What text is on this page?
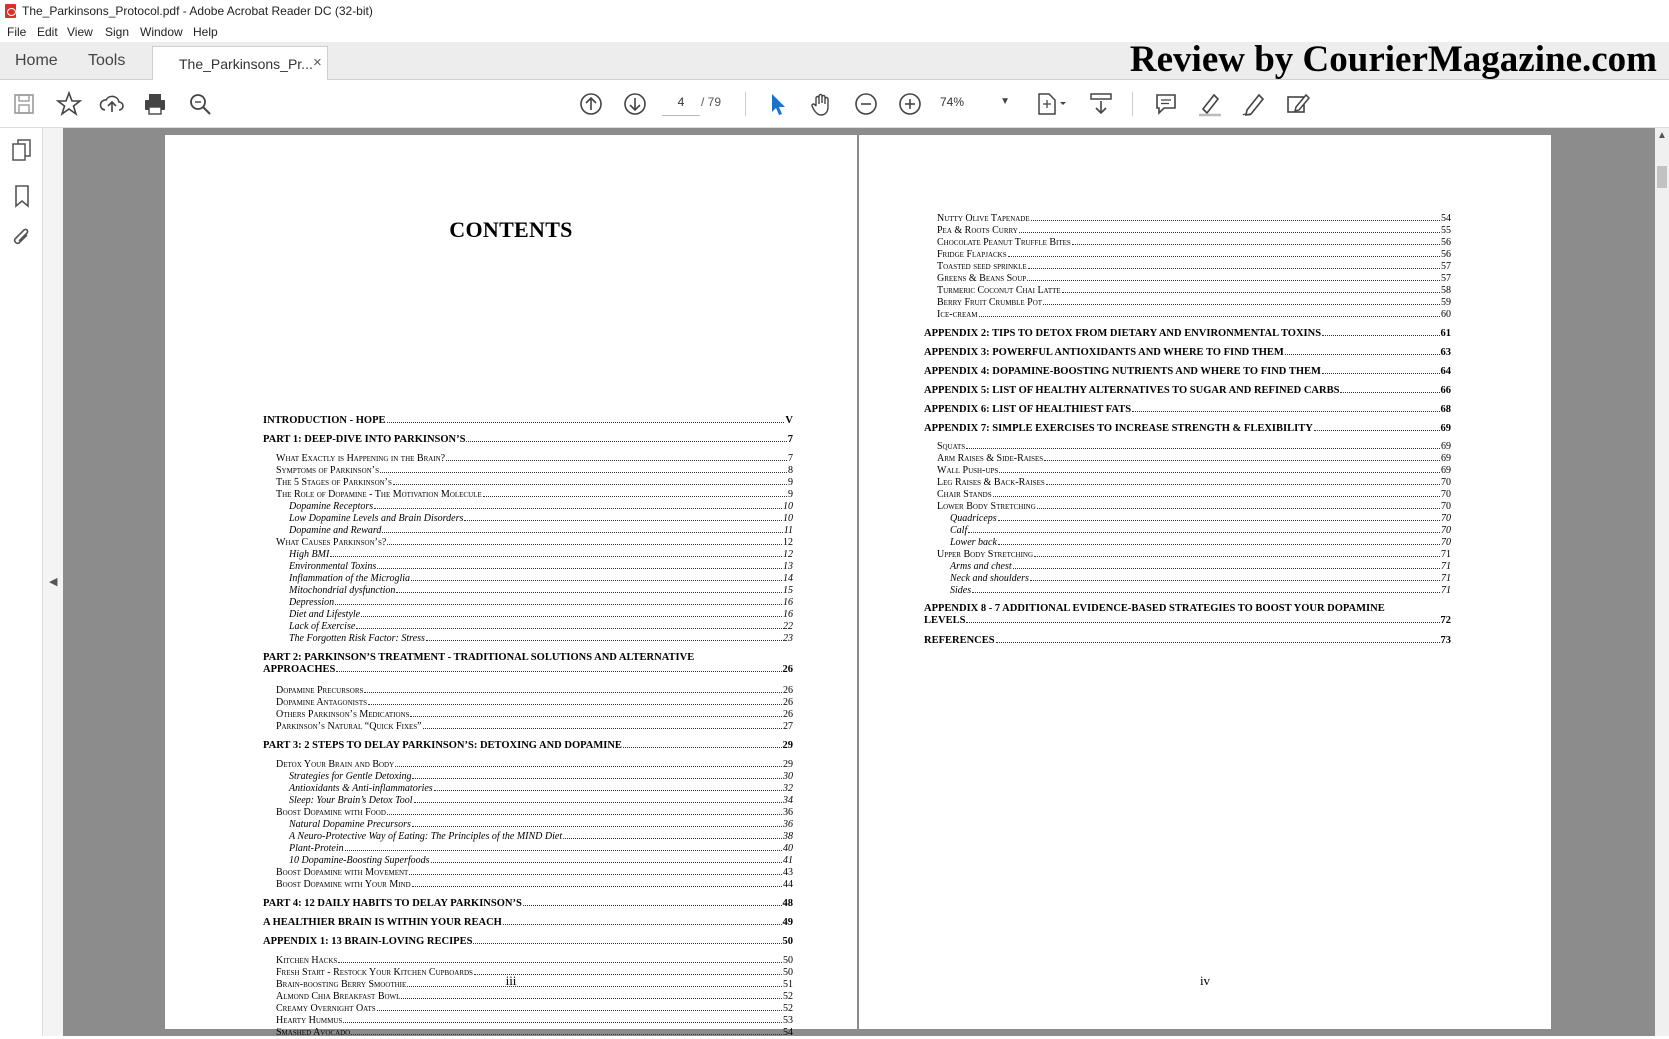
The_Parkinsons_Protocol.pdf - Adobe Acrobat Reader DC (32-bit)
File Edit View Sign Window Help
Home Tools	The_Parkinsons_Pr... ×	Review by CourierMagazine.com
4	/ 79	74%	▼
◀
▲
CONTENTS
INTRODUCTION - HOPE	V
PART 1: DEEP-DIVE INTO PARKINSON’S	7
What Exactly is Happening in the Brain?	7
Symptoms of Parkinson’s	8
The 5 Stages of Parkinson’s	9
The Role of Dopamine - The Motivation Molecule	9
Dopamine Receptors	10
Low Dopamine Levels and Brain Disorders	10
Dopamine and Reward	11
What Causes Parkinson’s?	12
High BMI	12
Environmental Toxins	13
Inflammation of the Microglia	14
Mitochondrial dysfunction	15
Depression	16
Diet and Lifestyle	16
Lack of Exercise	22
The Forgotten Risk Factor: Stress	23
PART 2: PARKINSON’S TREATMENT - TRADITIONAL SOLUTIONS AND ALTERNATIVE
APPROACHES	26
Dopamine Precursors	26
Dopamine Antagonists	26
Others Parkinson’s Medications	26
Parkinson’s Natural “Quick Fixes”	27
PART 3: 2 STEPS TO DELAY PARKINSON’S: DETOXING AND DOPAMINE	29
Detox Your Brain and Body	29
Strategies for Gentle Detoxing	30
Antioxidants & Anti-inflammatories	32
Sleep: Your Brain’s Detox Tool	34
Boost Dopamine with Food	36
Natural Dopamine Precursors	36
A Neuro-Protective Way of Eating: The Principles of the MIND Diet	38
Plant-Protein	40
10 Dopamine-Boosting Superfoods	41
Boost Dopamine with Movement	43
Boost Dopamine with Your Mind	44
PART 4: 12 DAILY HABITS TO DELAY PARKINSON’S	48
A HEALTHIER BRAIN IS WITHIN YOUR REACH	49
APPENDIX 1: 13 BRAIN-LOVING RECIPES	50
Kitchen Hacks	50
Fresh Start - Restock Your Kitchen Cupboards	50
Brain-boosting Berry Smoothie	51
Almond Chia Breakfast Bowl	52
Creamy Overnight Oats	52
Hearty Hummus	53
Smashed Avocado	54
iii
Nutty Olive Tapenade	54
Pea & Roots Curry	55
Chocolate Peanut Truffle Bites	56
Fridge Flapjacks	56
Toasted seed sprinkle	57
Greens & Beans Soup	57
Turmeric Coconut Chai Latte	58
Berry Fruit Crumble Pot	59
Ice-cream	60
APPENDIX 2: TIPS TO DETOX FROM DIETARY AND ENVIRONMENTAL TOXINS	61
APPENDIX 3: POWERFUL ANTIOXIDANTS AND WHERE TO FIND THEM	63
APPENDIX 4: DOPAMINE-BOOSTING NUTRIENTS AND WHERE TO FIND THEM	64
APPENDIX 5: LIST OF HEALTHY ALTERNATIVES TO SUGAR AND REFINED CARBS	66
APPENDIX 6: LIST OF HEALTHIEST FATS	68
APPENDIX 7: SIMPLE EXERCISES TO INCREASE STRENGTH & FLEXIBILITY	69
Squats	69
Arm Raises & Side-Raises	69
Wall Push-ups	69
Leg Raises & Back-Raises	70
Chair Stands	70
Lower Body Stretching	70
Quadriceps	70
Calf	70
Lower back	70
Upper Body Stretching	71
Arms and chest	71
Neck and shoulders	71
Sides	71
APPENDIX 8 - 7 ADDITIONAL EVIDENCE-BASED STRATEGIES TO BOOST YOUR DOPAMINE
LEVELS	72
REFERENCES	73
iv
